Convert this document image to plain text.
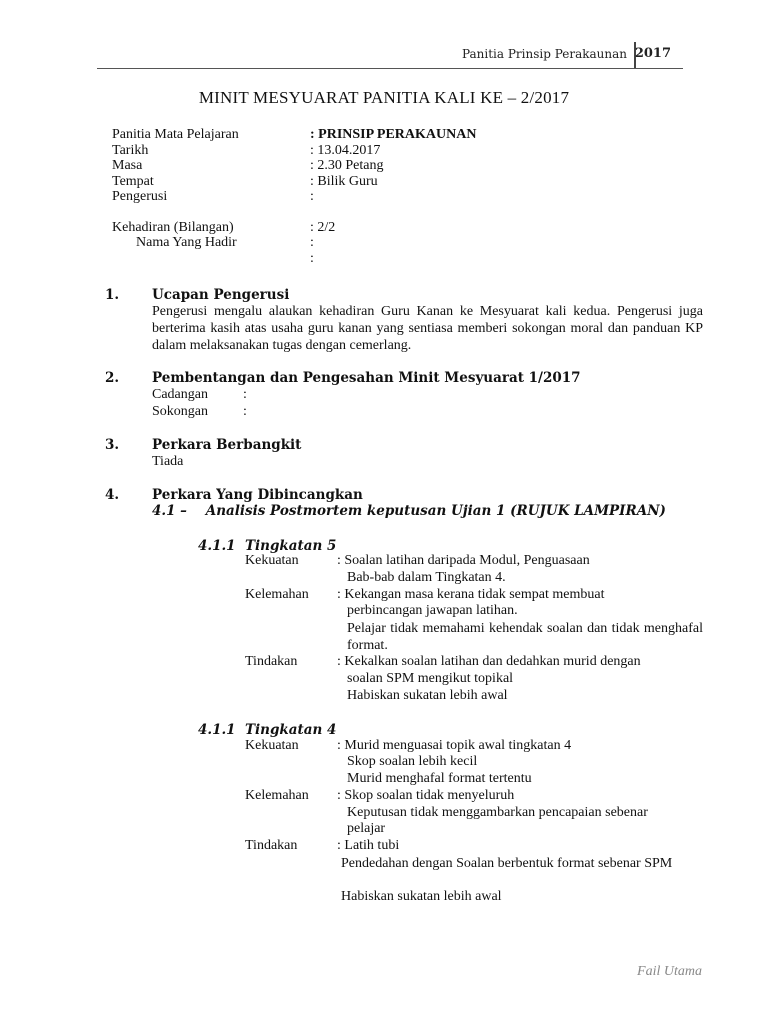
Panitia Prinsip Perakaunan 2017
MINIT MESYUARAT PANITIA KALI KE – 2/2017
Panitia Mata Pelajaran	: PRINSIP PERAKAUNAN
Tarikh	: 13.04.2017
Masa	: 2.30 Petang
Tempat	: Bilik Guru
Pengerusi	:
Kehadiran (Bilangan)	: 2/2
Nama Yang Hadir	:
:
1. Ucapan Pengerusi
Pengerusi mengalu alaukan kehadiran Guru Kanan ke Mesyuarat kali kedua. Pengerusi juga berterima kasih atas usaha guru kanan yang sentiasa memberi sokongan moral dan panduan KP dalam melaksanakan tugas dengan cemerlang.
2. Pembentangan dan Pengesahan Minit Mesyuarat 1/2017
Cadangan	:
Sokongan	:
3. Perkara Berbangkit
Tiada
4. Perkara Yang Dibincangkan
4.1 –    Analisis Postmortem keputusan Ujian 1 (RUJUK LAMPIRAN)
4.1.1 Tingkatan 5
Kekuatan	: Soalan latihan daripada Modul, Penguasaan
Bab-bab dalam Tingkatan 4.
Kelemahan : Kekangan masa kerana tidak sempat membuat
perbincangan jawapan latihan.
Pelajar tidak memahami kehendak soalan dan tidak menghafal format.
Tindakan	: Kekalkan soalan latihan dan dedahkan murid dengan
soalan SPM mengikut topikal
Habiskan sukatan lebih awal
4.1.1 Tingkatan 4
Kekuatan	: Murid menguasai topik awal tingkatan 4
Skop soalan lebih kecil
Murid menghafal format tertentu
Kelemahan : Skop soalan tidak menyeluruh
Keputusan tidak menggambarkan pencapaian sebenar
pelajar
Tindakan	: Latih tubi
Pendedahan dengan Soalan berbentuk format sebenar SPM
Habiskan sukatan lebih awal
Fail Utama
